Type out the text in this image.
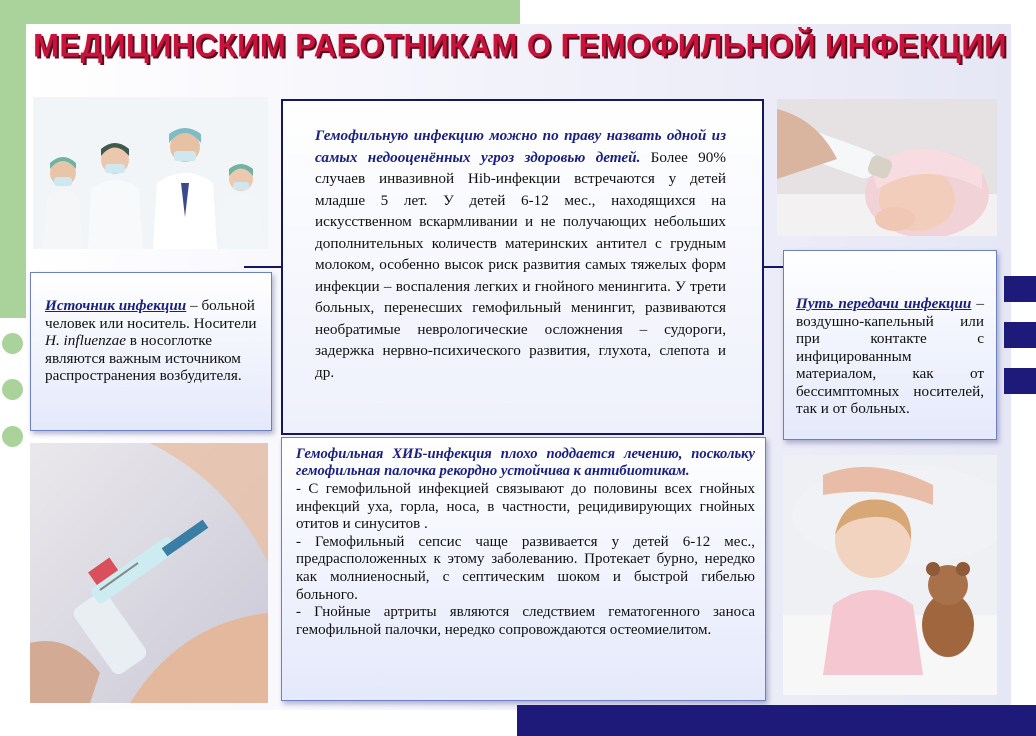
МЕДИЦИНСКИМ РАБОТНИКАМ О ГЕМОФИЛЬНОЙ ИНФЕКЦИИ
Гемофильную инфекцию можно по праву назвать одной из самых недооценённых угроз здоровью детей. Более 90% случаев инвазивной Hib-инфекции встречаются у детей младше 5 лет. У детей 6-12 мес., находящихся на искусственном вскармливании и не получающих небольших дополнительных количеств материнских антител с грудным молоком, особенно высок риск развития самых тяжелых форм инфекции – воспаления легких и гнойного менингита. У трети больных, перенесших гемофильный менингит, развиваются необратимые неврологические осложнения – судороги, задержка нервно-психического развития, глухота, слепота и др.
Источник инфекции – больной человек или носитель. Носители H. influenzae в носоглотке являются важным источником распространения возбудителя.
Путь передачи инфекции – воздушно-капельный или при контакте с инфицированным материалом, как от бессимптомных носителей, так и от больных.

Гемофильная ХИБ-инфекция плохо поддается лечению, поскольку гемофильная палочка рекордно устойчива к антибиотикам.

- С гемофильной инфекцией связывают до половины всех гнойных инфекций уха, горла, носа, в частности, рецидивирующих гнойных отитов и синуситов .

- Гемофильный сепсис чаще развивается у детей 6-12 мес., предрасположенных к этому заболеванию. Протекает бурно, нередко как молниеносный, с септическим шоком и быстрой гибелью больного.

- Гнойные артриты являются следствием гематогенного заноса гемофильной палочки, нередко сопровождаются остеомиелитом.
